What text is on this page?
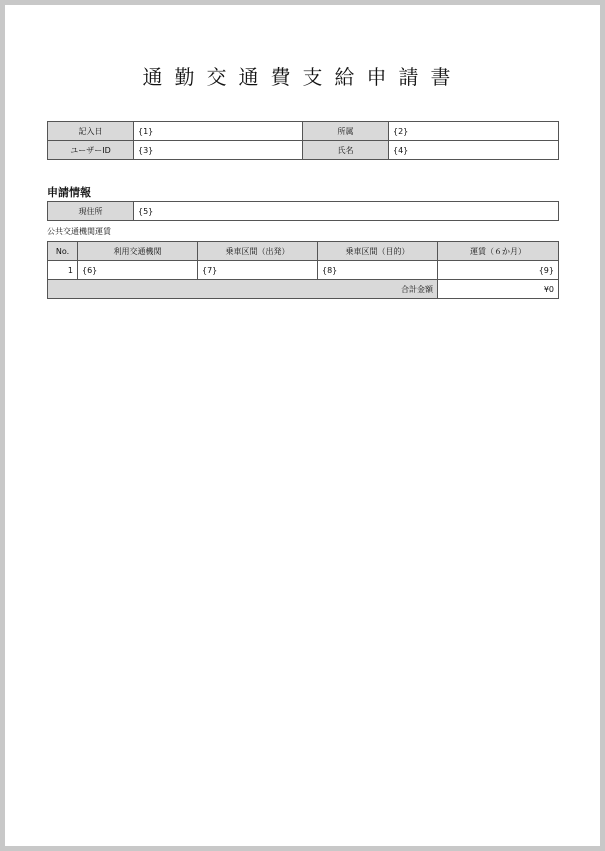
通勤交通費支給申請書
記入日	{1}	所属	{2}
ユーザーID	{3}	氏名	{4}
申請情報
現住所	{5}
公共交通機関運賃
No.	利用交通機関	乗車区間（出発）	乗車区間（目的）	運賃（６か月）
1	{6}	{7}	{8}	{9}
合計金額				¥0
